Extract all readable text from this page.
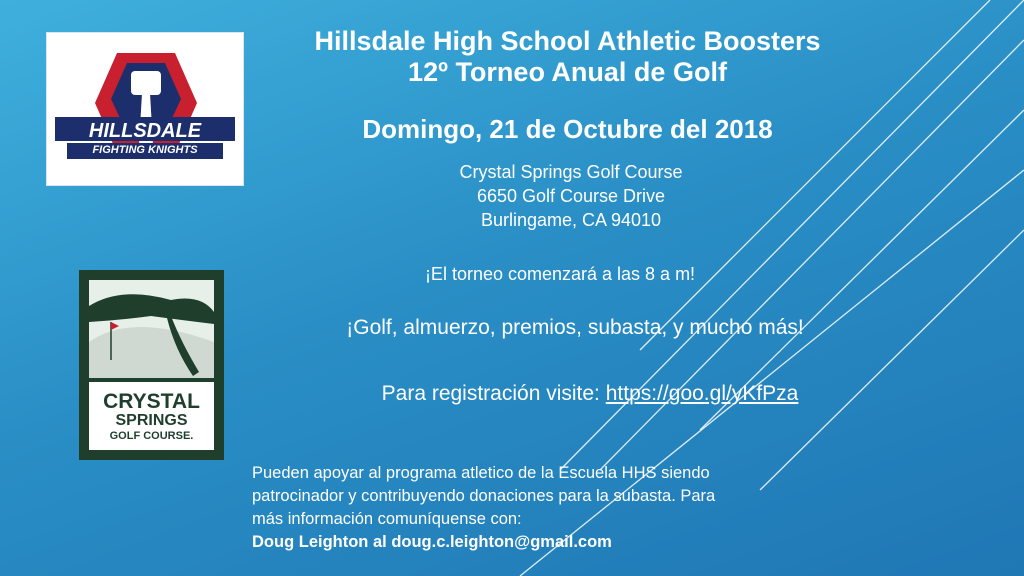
HILLSDALE
FIGHTING KNIGHTS
CRYSTAL
SPRINGS
GOLF COURSE.
Hillsdale High School Athletic Boosters
12º Torneo Anual de Golf
Domingo, 21 de Octubre del 2018
Crystal Springs Golf Course
6650 Golf Course Drive
Burlingame, CA 94010
¡El torneo comenzará a las 8 a m!
¡Golf, almuerzo, premios, subasta, y mucho más!
Para registración visite: https://goo.gl/yKfPza
Pueden apoyar al programa atletico de la Escuela HHS siendo
patrocinador y contribuyendo donaciones para la subasta. Para
más información comuníquense con:
Doug Leighton al doug.c.leighton@gmail.com
